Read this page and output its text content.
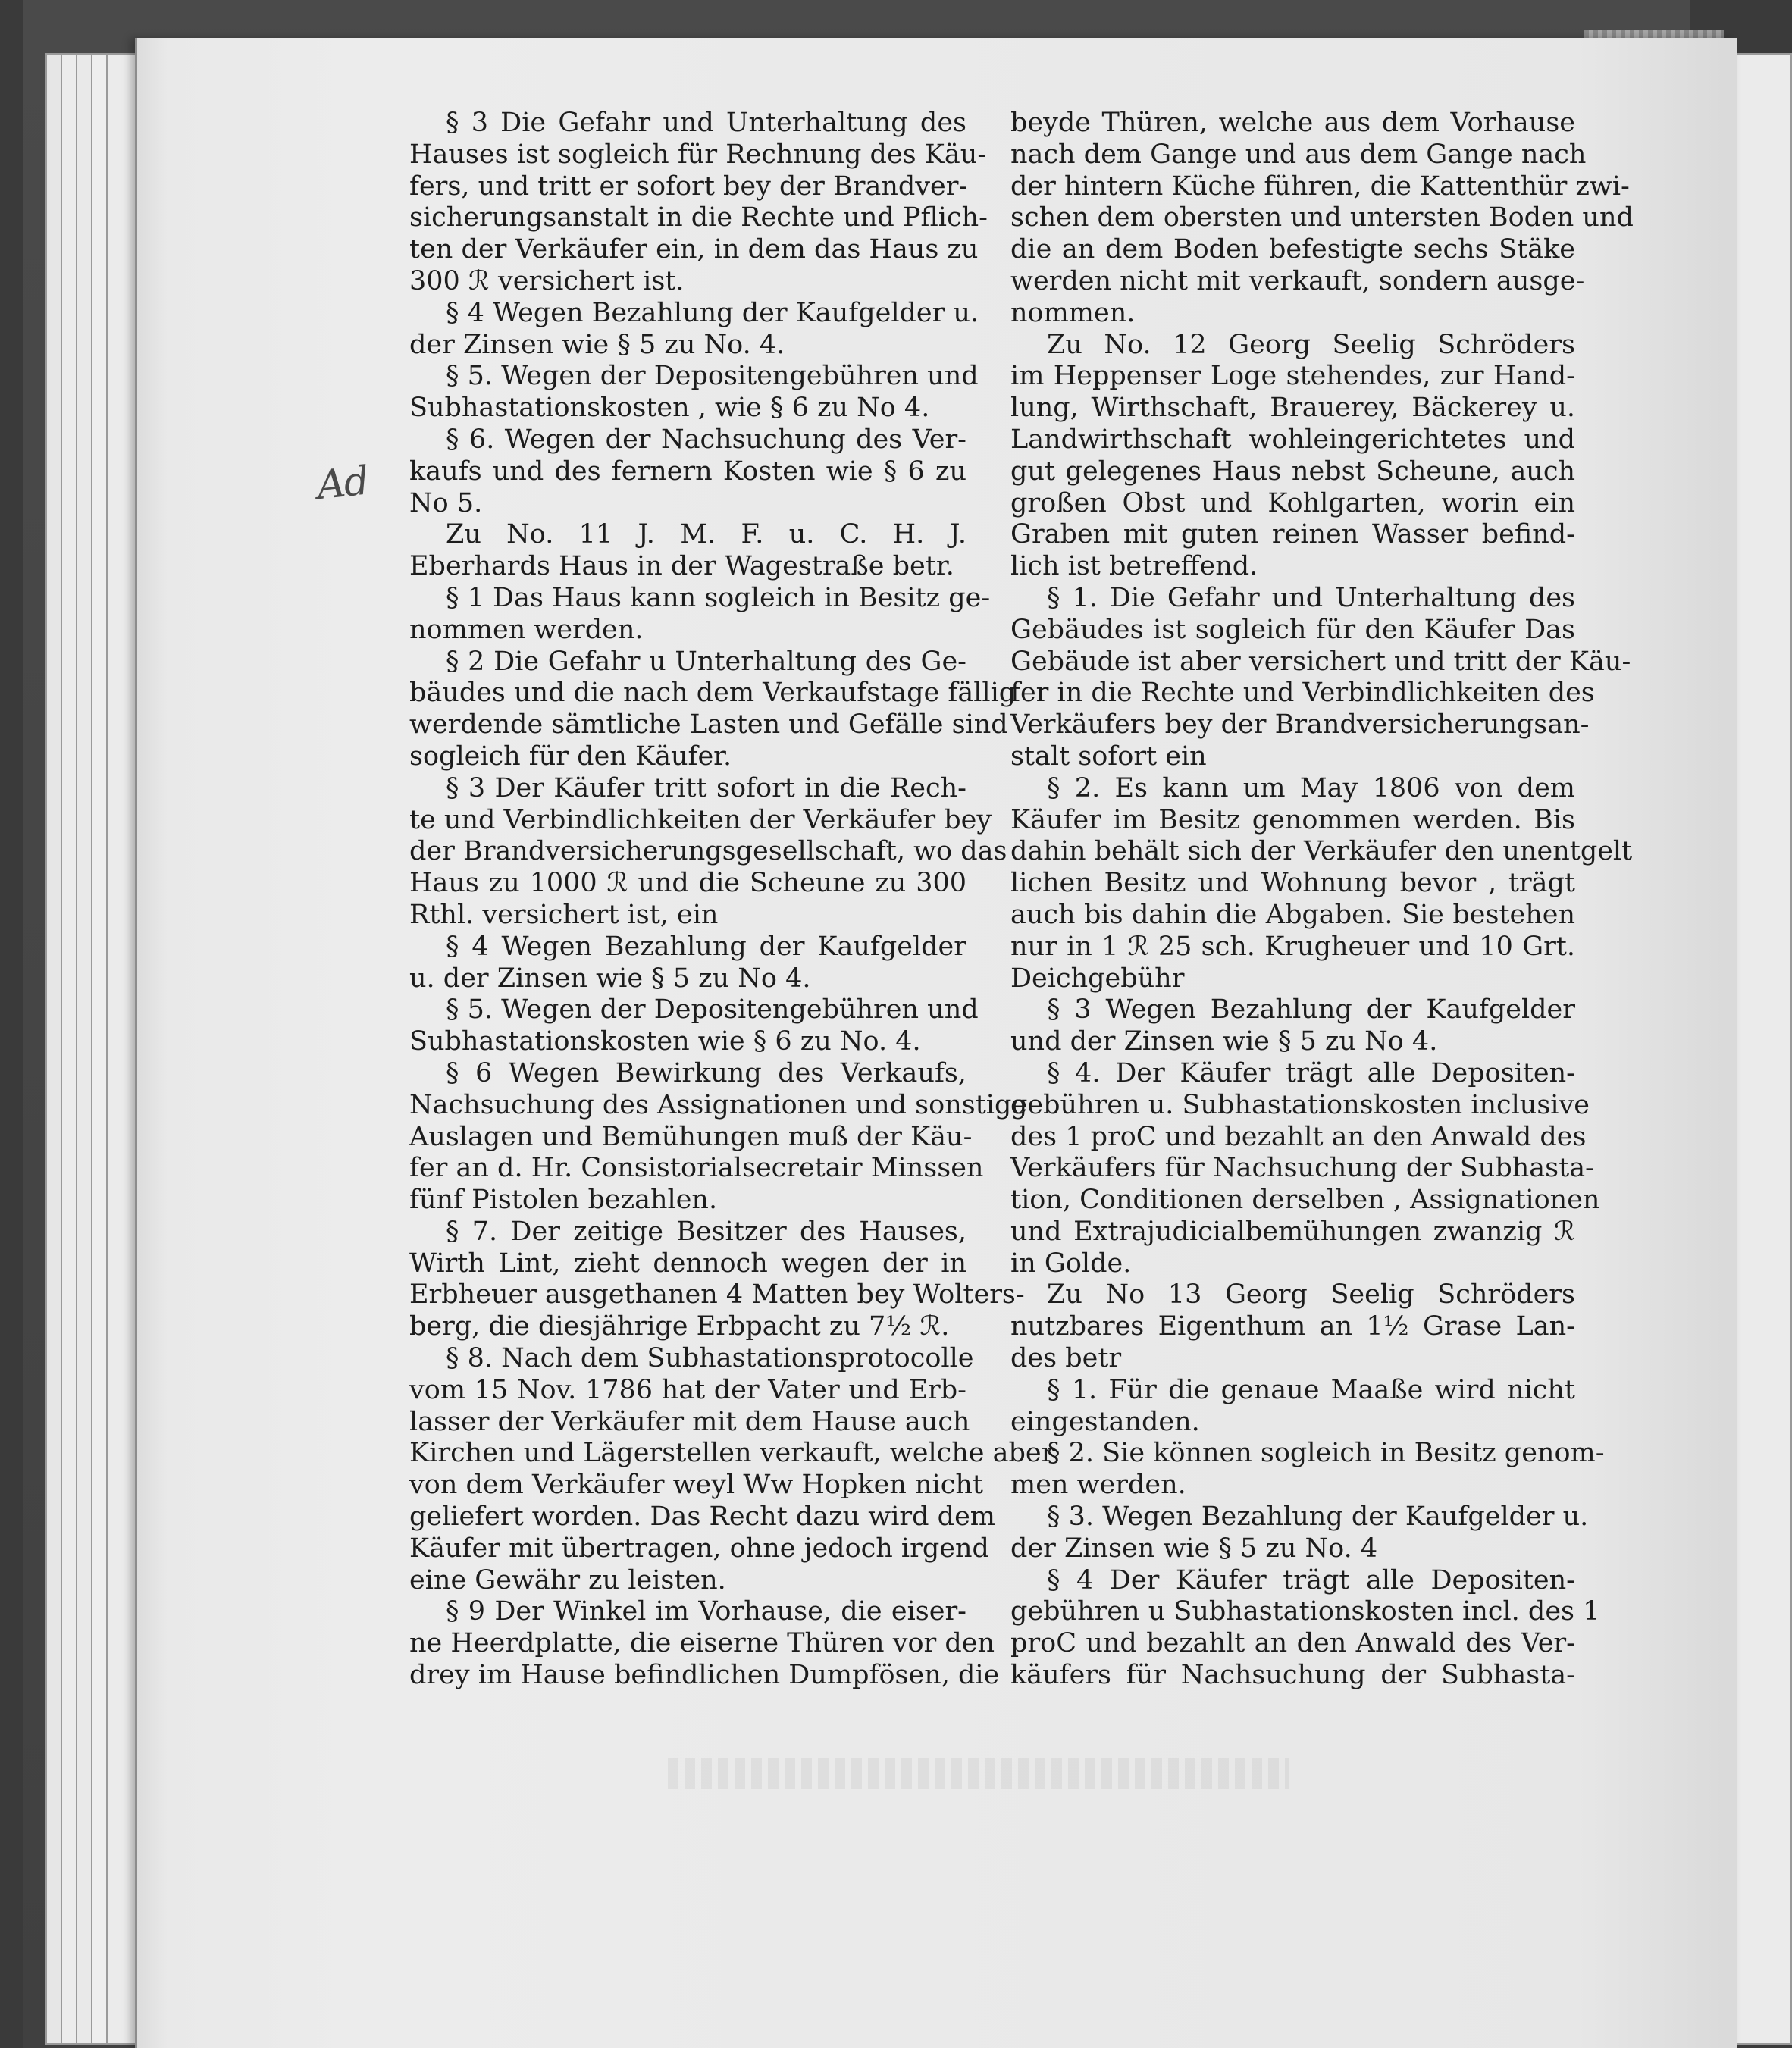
Ad
§ 3 Die Gefahr und Unterhaltung des
Hauses ist sogleich für Rechnung des Käu-
fers, und tritt er sofort bey der Brandver-
sicherungsanstalt in die Rechte und Pflich-
ten der Verkäufer ein, in dem das Haus zu
300 ℛ versichert ist.
§ 4 Wegen Bezahlung der Kaufgelder u.
der Zinsen wie § 5 zu No. 4.
§ 5. Wegen der Depositengebühren und
Subhastationskosten , wie § 6 zu No 4.
§ 6. Wegen der Nachsuchung des Ver-
kaufs und des fernern Kosten wie § 6 zu
No 5.
Zu No. 11 J. M. F. u. C. H. J.
Eberhards Haus in der Wagestraße betr.
§ 1 Das Haus kann sogleich in Besitz ge-
nommen werden.
§ 2 Die Gefahr u Unterhaltung des Ge-
bäudes und die nach dem Verkaufstage fällig
werdende sämtliche Lasten und Gefälle sind
sogleich für den Käufer.
§ 3 Der Käufer tritt sofort in die Rech-
te und Verbindlichkeiten der Verkäufer bey
der Brandversicherungsgesellschaft, wo das
Haus zu 1000 ℛ und die Scheune zu 300
Rthl. versichert ist, ein
§ 4 Wegen Bezahlung der Kaufgelder
u. der Zinsen wie § 5 zu No 4.
§ 5. Wegen der Depositengebühren und
Subhastationskosten wie § 6 zu No. 4.
§ 6 Wegen Bewirkung des Verkaufs,
Nachsuchung des Assignationen und sonstige
Auslagen und Bemühungen muß der Käu-
fer an d. Hr. Consistorialsecretair Minssen
fünf Pistolen bezahlen.
§ 7. Der zeitige Besitzer des Hauses,
Wirth Lint, zieht dennoch wegen der in
Erbheuer ausgethanen 4 Matten bey Wolters-
berg, die diesjährige Erbpacht zu 7½ ℛ.
§ 8. Nach dem Subhastationsprotocolle
vom 15 Nov. 1786 hat der Vater und Erb-
lasser der Verkäufer mit dem Hause auch
Kirchen und Lägerstellen verkauft, welche aber
von dem Verkäufer weyl Ww Hopken nicht
geliefert worden. Das Recht dazu wird dem
Käufer mit übertragen, ohne jedoch irgend
eine Gewähr zu leisten.
§ 9 Der Winkel im Vorhause, die eiser-
ne Heerdplatte, die eiserne Thüren vor den
drey im Hause befindlichen Dumpfösen, die
beyde Thüren, welche aus dem Vorhause
nach dem Gange und aus dem Gange nach
der hintern Küche führen, die Kattenthür zwi-
schen dem obersten und untersten Boden und
die an dem Boden befestigte sechs Stäke
werden nicht mit verkauft, sondern ausge-
nommen.
Zu No. 12 Georg Seelig Schröders
im Heppenser Loge stehendes, zur Hand-
lung, Wirthschaft, Brauerey, Bäckerey u.
Landwirthschaft wohleingerichtetes und
gut gelegenes Haus nebst Scheune, auch
großen Obst und Kohlgarten, worin ein
Graben mit guten reinen Wasser befind-
lich ist betreffend.
§ 1. Die Gefahr und Unterhaltung des
Gebäudes ist sogleich für den Käufer Das
Gebäude ist aber versichert und tritt der Käu-
fer in die Rechte und Verbindlichkeiten des
Verkäufers bey der Brandversicherungsan-
stalt sofort ein
§ 2. Es kann um May 1806 von dem
Käufer im Besitz genommen werden. Bis
dahin behält sich der Verkäufer den unentgelt
lichen Besitz und Wohnung bevor , trägt
auch bis dahin die Abgaben. Sie bestehen
nur in 1 ℛ 25 sch. Krugheuer und 10 Grt.
Deichgebühr
§ 3 Wegen Bezahlung der Kaufgelder
und der Zinsen wie § 5 zu No 4.
§ 4. Der Käufer trägt alle Depositen-
gebühren u. Subhastationskosten inclusive
des 1 proC und bezahlt an den Anwald des
Verkäufers für Nachsuchung der Subhasta-
tion, Conditionen derselben , Assignationen
und Extrajudicialbemühungen zwanzig ℛ
in Golde.
Zu No 13 Georg Seelig Schröders
nutzbares Eigenthum an 1½ Grase Lan-
des betr
§ 1. Für die genaue Maaße wird nicht
eingestanden.
§ 2. Sie können sogleich in Besitz genom-
men werden.
§ 3. Wegen Bezahlung der Kaufgelder u.
der Zinsen wie § 5 zu No. 4
§ 4 Der Käufer trägt alle Depositen-
gebühren u Subhastationskosten incl. des 1
proC und bezahlt an den Anwald des Ver-
käufers für Nachsuchung der Subhasta-
